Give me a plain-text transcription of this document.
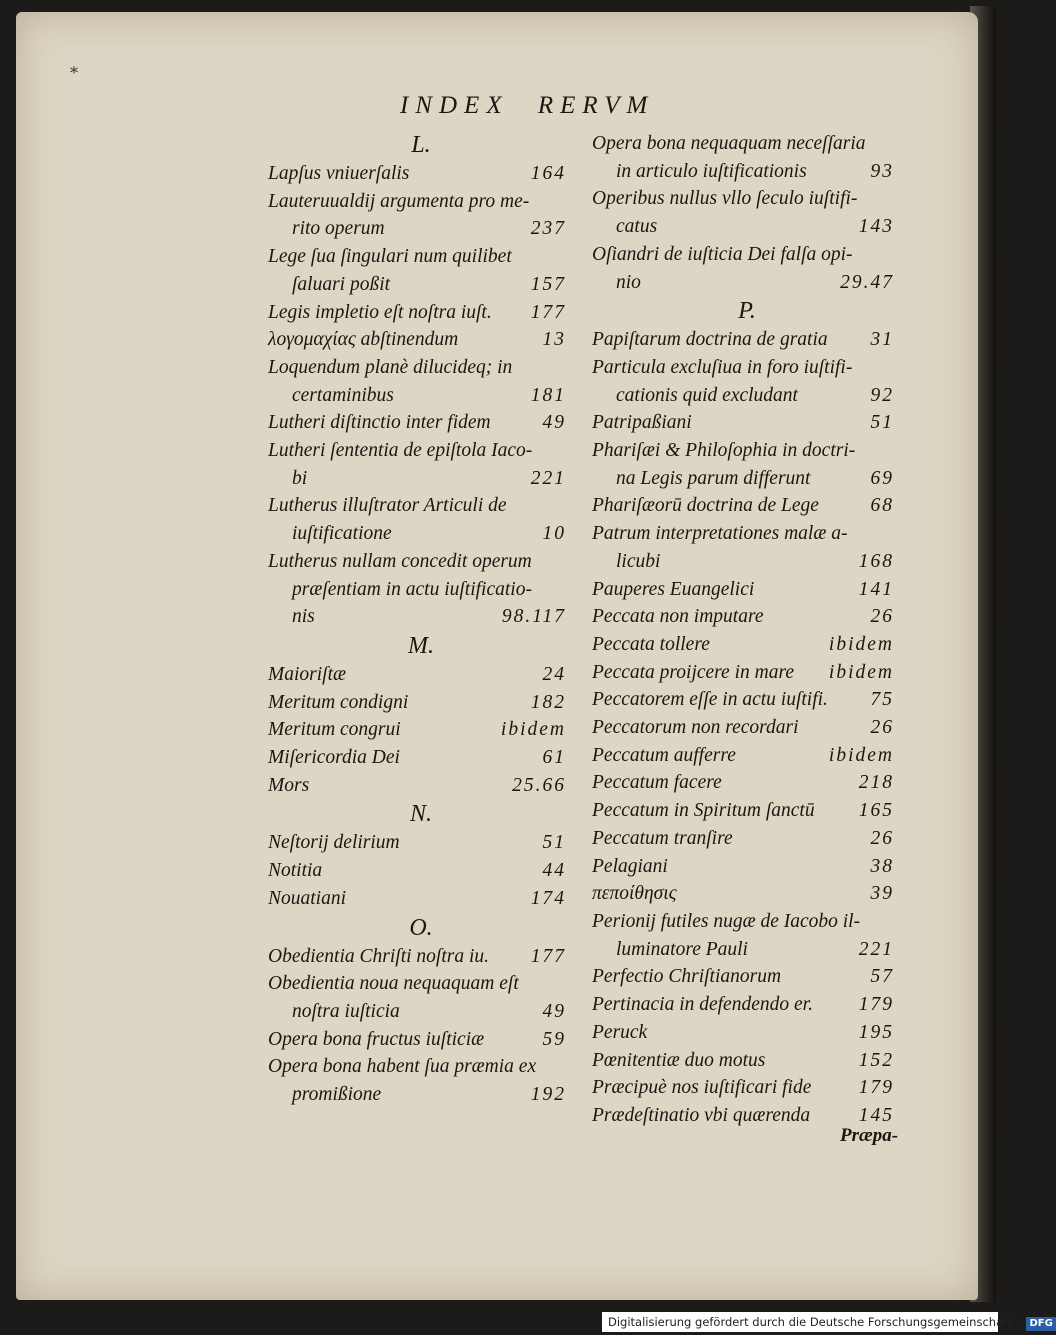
⁎
INDEX RERVM
L.
Lapſus vniuerſalis	164
Lauteruualdij argumenta pro me-
rito operum	237
Lege ſua ſingulari num quilibet
ſaluari poßit	157
Legis impletio eſt noſtra iuſt.	177
λογομαχίας abſtinendum	13
Loquendum planè dilucideq; in
certaminibus	181
Lutheri diſtinctio inter fidem	49
Lutheri ſententia de epiſtola Iaco-
bi	221
Lutherus illuſtrator Articuli de
iuſtificatione	10
Lutherus nullam concedit operum
præſentiam in actu iuſtificatio-
nis	98.117
M.
Maioriſtæ	24
Meritum condigni	182
Meritum congrui	ibidem
Miſericordia Dei	61
Mors	25.66
N.
Neſtorij delirium	51
Notitia	44
Nouatiani	174
O.
Obedientia Chriſti noſtra iu.	177
Obedientia noua nequaquam eſt
noſtra iuſticia	49
Opera bona fructus iuſticiæ	59
Opera bona habent ſua præmia ex
promißione	192
Opera bona nequaquam neceſſaria
in articulo iuſtificationis	93
Operibus nullus vllo ſeculo iuſtifi-
catus	143
Oſiandri de iuſticia Dei falſa opi-
nio	29.47
P.
Papiſtarum doctrina de gratia	31
Particula excluſiua in foro iuſtifi-
cationis quid excludant	92
Patripaßiani	51
Phariſæi & Philoſophia in doctri-
na Legis parum differunt	69
Phariſæorū doctrina de Lege	68
Patrum interpretationes malæ a-
licubi	168
Pauperes Euangelici	141
Peccata non imputare	26
Peccata tollere	ibidem
Peccata proijcere in mare	ibidem
Peccatorem eſſe in actu iuſtifi.	75
Peccatorum non recordari	26
Peccatum aufferre	ibidem
Peccatum facere	218
Peccatum in Spiritum ſanctū	165
Peccatum tranſire	26
Pelagiani	38
πεποίθησις	39
Perionij futiles nugæ de Iacobo il-
luminatore Pauli	221
Perfectio Chriſtianorum	57
Pertinacia in defendendo er.	179
Peruck	195
Pœnitentiæ duo motus	152
Præcipuè nos iuſtificari fide	179
Prædeſtinatio vbi quærenda	145
Præpa-
Digitalisierung gefördert durch die Deutsche Forschungsgemeinschaft · DFG
